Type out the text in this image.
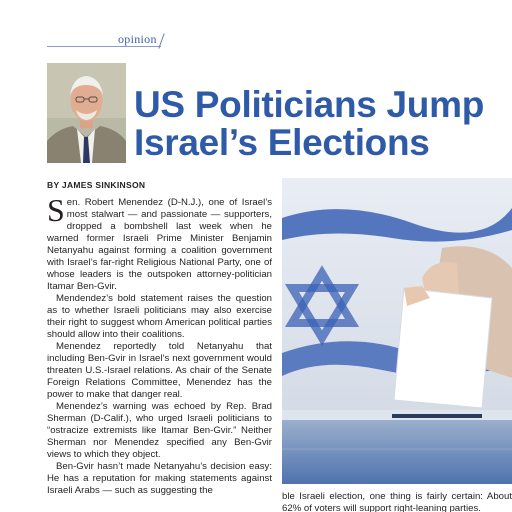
opinion
US Politicians Jump
Israel’s Elections
BY JAMES SINKINSON

Sen. Robert Menendez (D-N.J.), one of Israel’s most stalwart — and passionate — supporters, dropped a bombshell last week when he warned former Israeli Prime Minister Benjamin Netanyahu against forming a coalition government with Israel’s far-right Religious National Party, one of whose leaders is the outspoken attorney-politician Itamar Ben-Gvir.

Mendendez’s bold statement raises the question as to whether Israeli politicians may also exercise their right to suggest whom American political parties should allow into their coalitions.

Menendez reportedly told Netanyahu that including Ben-Gvir in Israel’s next government would threaten U.S.-Israel relations. As chair of the Senate Foreign Relations Committee, Menendez has the power to make that danger real.

Menendez’s warning was echoed by Rep. Brad Sherman (D-Calif.), who urged Israeli politicians to “ostracize extremists like Itamar Ben-Gvir.” Neither Sherman nor Menendez specified any Ben-Gvir views to which they object.

Ben-Gvir hasn’t made Netanyahu’s decision easy: He has a reputation for making statements against Israeli Arabs — such as suggesting the

ble Israeli election, one thing is fairly certain: About 62% of voters will support right-leaning parties.
